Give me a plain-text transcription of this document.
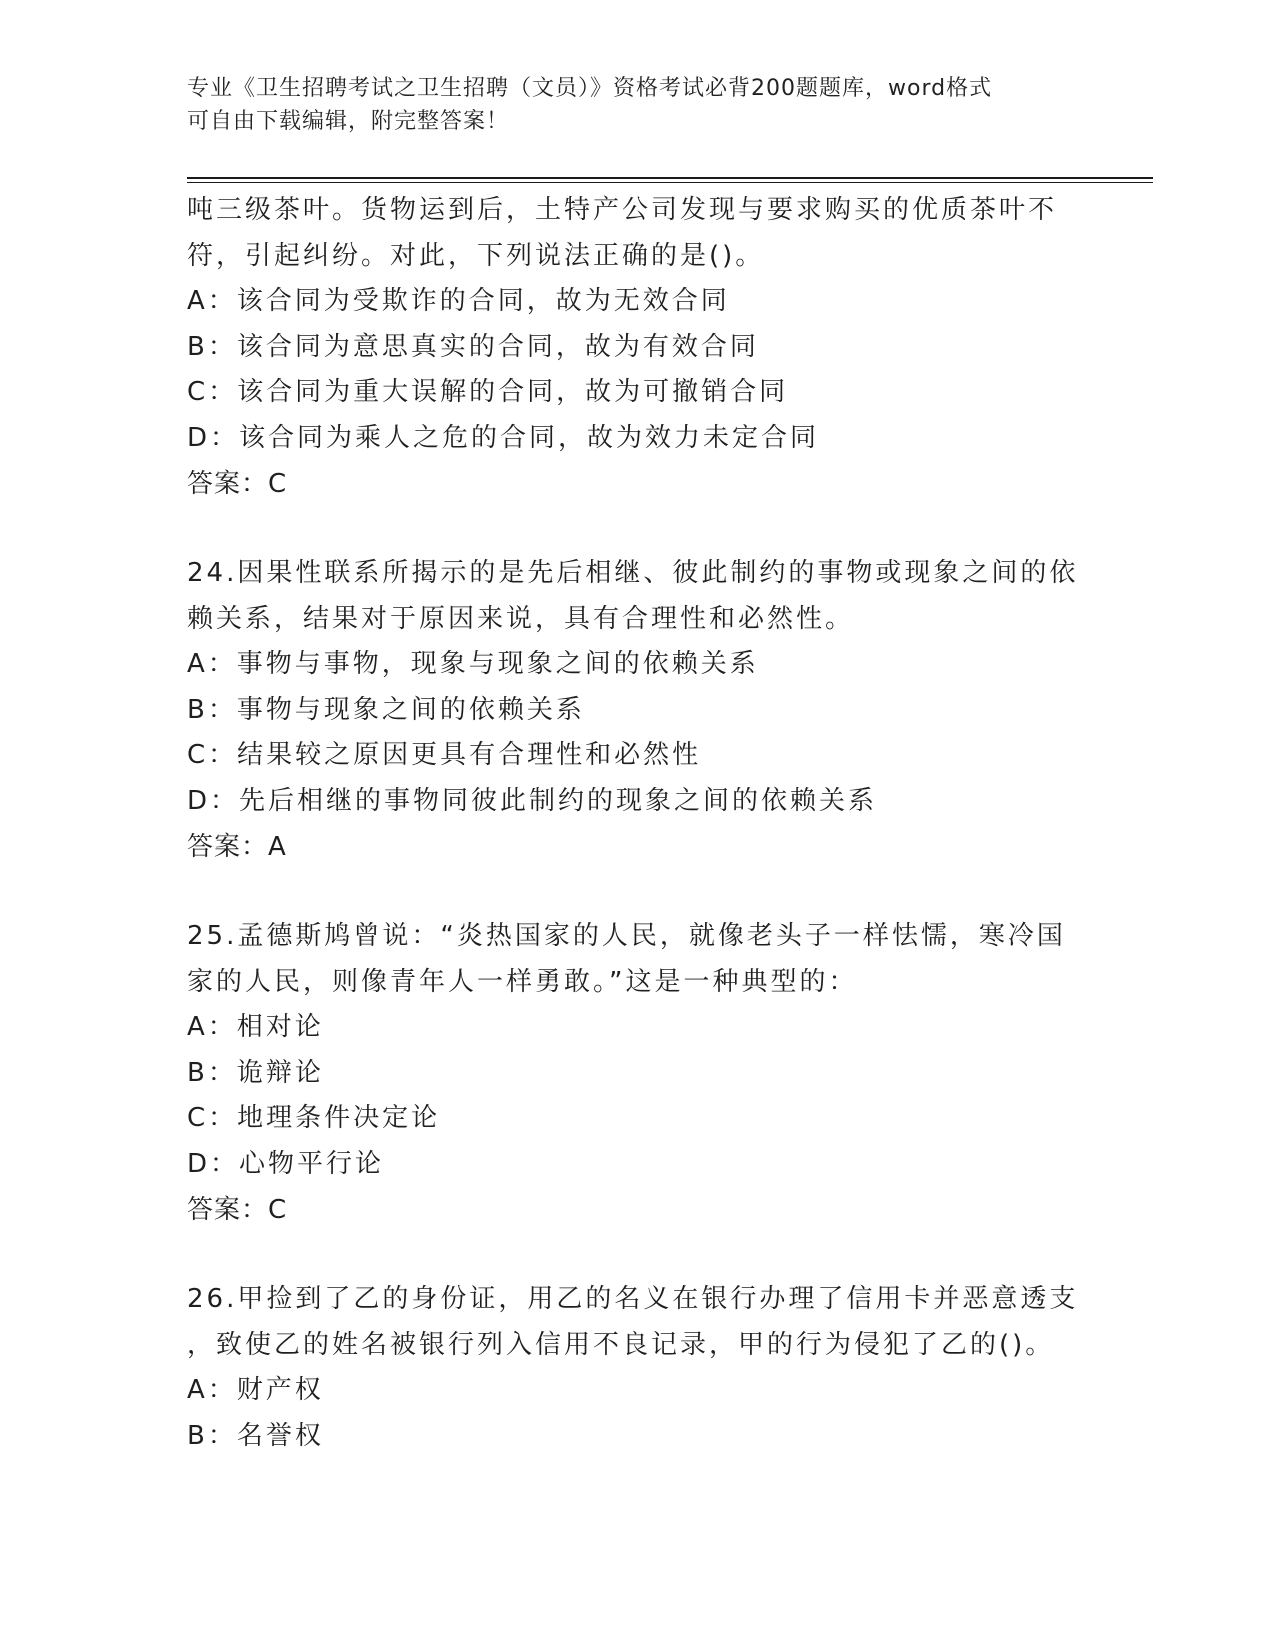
专业《卫生招聘考试之卫生招聘（文员）》资格考试必背200题题库，word格式
可自由下载编辑，附完整答案！
吨三级茶叶。货物运到后，土特产公司发现与要求购买的优质茶叶不
符，引起纠纷。对此，下列说法正确的是()。
A：该合同为受欺诈的合同，故为无效合同
B：该合同为意思真实的合同，故为有效合同
C：该合同为重大误解的合同，故为可撤销合同
D：该合同为乘人之危的合同，故为效力未定合同
答案：C
24.因果性联系所揭示的是先后相继、彼此制约的事物或现象之间的依
赖关系，结果对于原因来说，具有合理性和必然性。
A：事物与事物，现象与现象之间的依赖关系
B：事物与现象之间的依赖关系
C：结果较之原因更具有合理性和必然性
D：先后相继的事物同彼此制约的现象之间的依赖关系
答案：A
25.孟德斯鸠曾说：“炎热国家的人民，就像老头子一样怯懦，寒冷国
家的人民，则像青年人一样勇敢。”这是一种典型的：
A：相对论
B：诡辩论
C：地理条件决定论
D：心物平行论
答案：C
26.甲捡到了乙的身份证，用乙的名义在银行办理了信用卡并恶意透支
，致使乙的姓名被银行列入信用不良记录，甲的行为侵犯了乙的()。
A：财产权
B：名誉权
